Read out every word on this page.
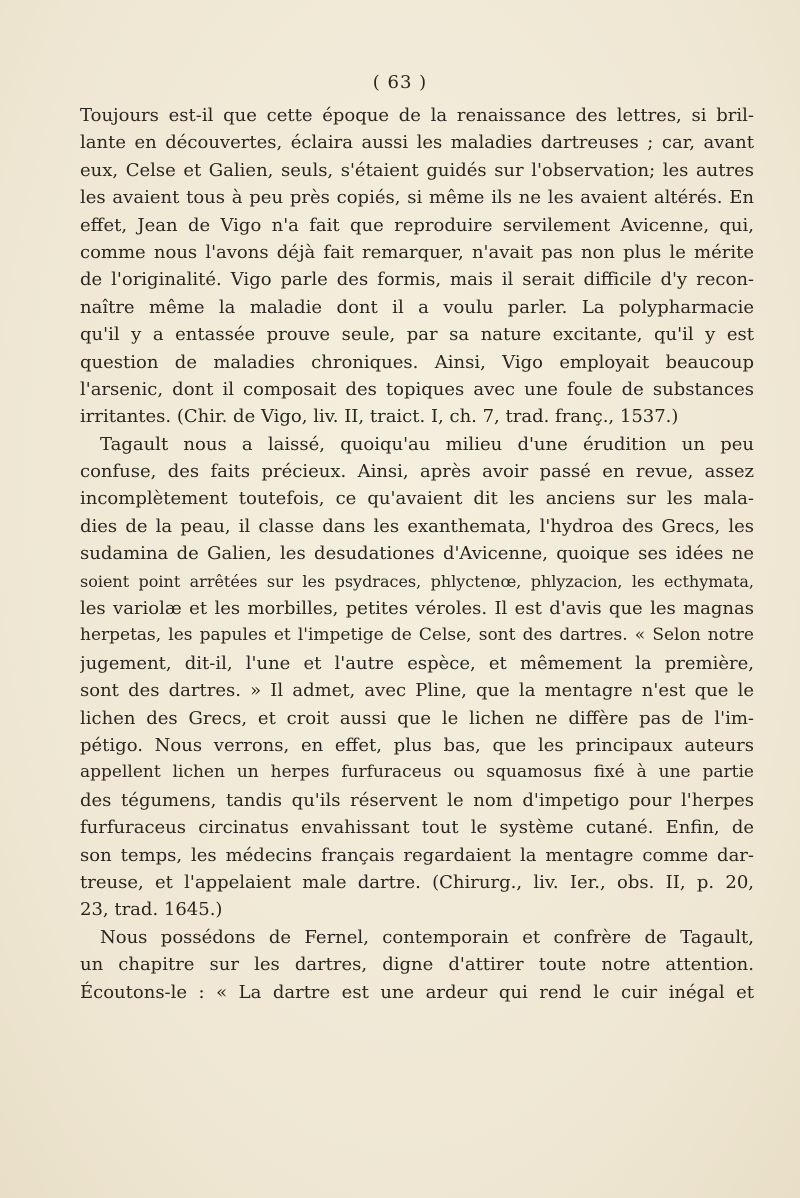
( 63 )
Toujours est-il que cette époque de la renaissance des lettres, si bril-
lante en découvertes, éclaira aussi les maladies dartreuses ; car, avant
eux, Celse et Galien, seuls, s'étaient guidés sur l'observation; les autres
les avaient tous à peu près copiés, si même ils ne les avaient altérés. En
effet, Jean de Vigo n'a fait que reproduire servilement Avicenne, qui,
comme nous l'avons déjà fait remarquer, n'avait pas non plus le mérite
de l'originalité. Vigo parle des formis, mais il serait difficile d'y recon-
naître même la maladie dont il a voulu parler. La polypharmacie
qu'il y a entassée prouve seule, par sa nature excitante, qu'il y est
question de maladies chroniques. Ainsi, Vigo employait beaucoup
l'arsenic, dont il composait des topiques avec une foule de substances
irritantes. (Chir. de Vigo, liv. II, traict. I, ch. 7, trad. franç., 1537.)
Tagault nous a laissé, quoiqu'au milieu d'une érudition un peu
confuse, des faits précieux. Ainsi, après avoir passé en revue, assez
incomplètement toutefois, ce qu'avaient dit les anciens sur les mala-
dies de la peau, il classe dans les exanthemata, l'hydroa des Grecs, les
sudamina de Galien, les desudationes d'Avicenne, quoique ses idées ne
soient point arrêtées sur les psydraces, phlyctenœ, phlyzacion, les ecthymata,
les variolæ et les morbilles, petites véroles. Il est d'avis que les magnas
herpetas, les papules et l'impetige de Celse, sont des dartres. « Selon notre
jugement, dit-il, l'une et l'autre espèce, et mêmement la première,
sont des dartres. » Il admet, avec Pline, que la mentagre n'est que le
lichen des Grecs, et croit aussi que le lichen ne diffère pas de l'im-
pétigo. Nous verrons, en effet, plus bas, que les principaux auteurs
appellent lichen un herpes furfuraceus ou squamosus fixé à une partie
des tégumens, tandis qu'ils réservent le nom d'impetigo pour l'herpes
furfuraceus circinatus envahissant tout le système cutané. Enfin, de
son temps, les médecins français regardaient la mentagre comme dar-
treuse, et l'appelaient male dartre. (Chirurg., liv. Ier., obs. II, p. 20,
23, trad. 1645.)
Nous possédons de Fernel, contemporain et confrère de Tagault,
un chapitre sur les dartres, digne d'attirer toute notre attention.
Écoutons-le : « La dartre est une ardeur qui rend le cuir inégal et
